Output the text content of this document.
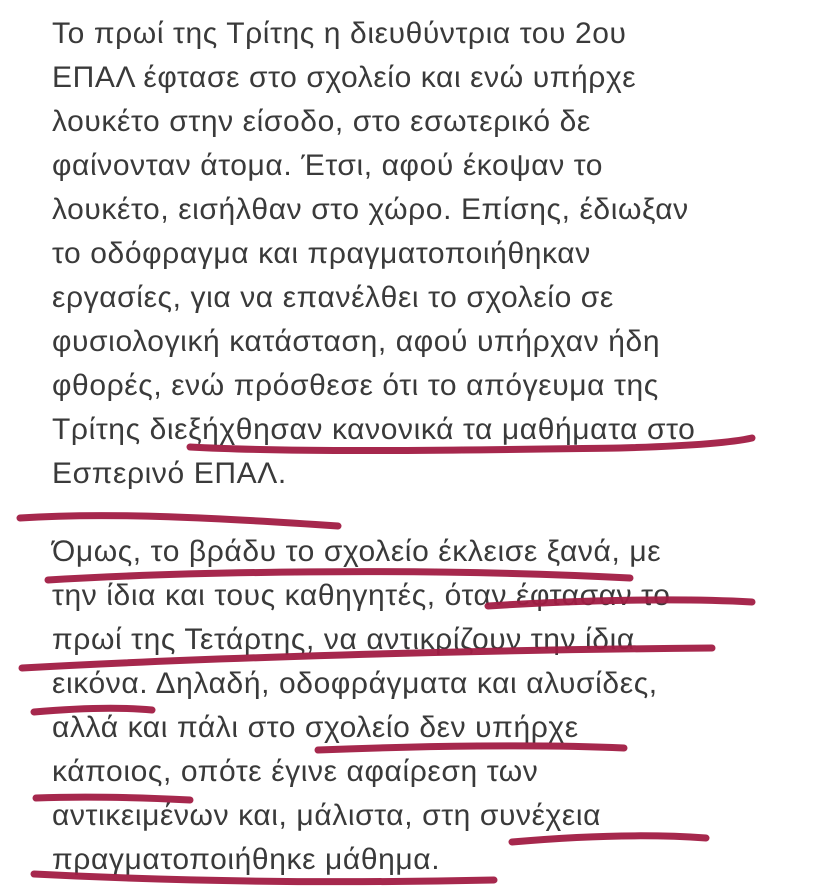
Το πρωί της Τρίτης η διευθύντρια του 2ου
ΕΠΑΛ έφτασε στο σχολείο και ενώ υπήρχε
λουκέτο στην είσοδο, στο εσωτερικό δε
φαίνονταν άτομα. Έτσι, αφού έκοψαν το
λουκέτο, εισήλθαν στο χώρο. Επίσης, έδιωξαν
το οδόφραγμα και πραγματοποιήθηκαν
εργασίες, για να επανέλθει το σχολείο σε
φυσιολογική κατάσταση, αφού υπήρχαν ήδη
φθορές, ενώ πρόσθεσε ότι το απόγευμα της
Τρίτης διεξήχθησαν κανονικά τα μαθήματα στο
Εσπερινό ΕΠΑΛ.
Όμως, το βράδυ το σχολείο έκλεισε ξανά, με
την ίδια και τους καθηγητές, όταν έφτασαν το
πρωί της Τετάρτης, να αντικρίζουν την ίδια
εικόνα. Δηλαδή, οδοφράγματα και αλυσίδες,
αλλά και πάλι στο σχολείο δεν υπήρχε
κάποιος, οπότε έγινε αφαίρεση των
αντικειμένων και, μάλιστα, στη συνέχεια
πραγματοποιήθηκε μάθημα.
